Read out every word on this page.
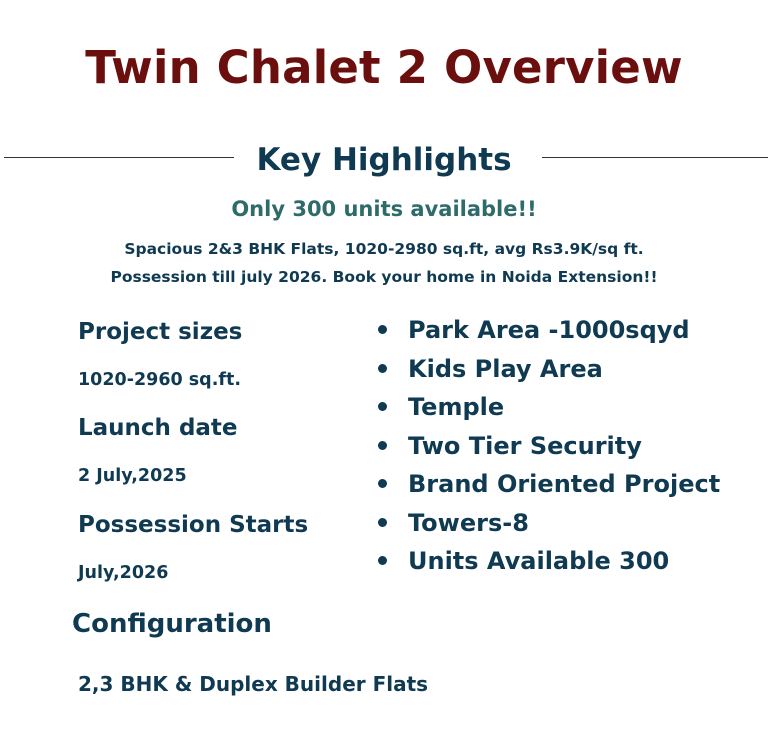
Twin Chalet 2 Overview
Key Highlights

Only 300 units available!!

Spacious 2&3 BHK Flats, 1020-2980 sq.ft, avg Rs3.9K/sq ft.

Possession till july 2026. Book your home in Noida Extension!!

Project sizes
1020-2960 sq.ft.
Launch date
2 July,2025
Possession Starts
July,2026
Park Area -1000sqyd
Kids Play Area
Temple
Two Tier Security
Brand Oriented Project
Towers-8
Units Available 300
Configuration
2,3 BHK & Duplex Builder Flats
